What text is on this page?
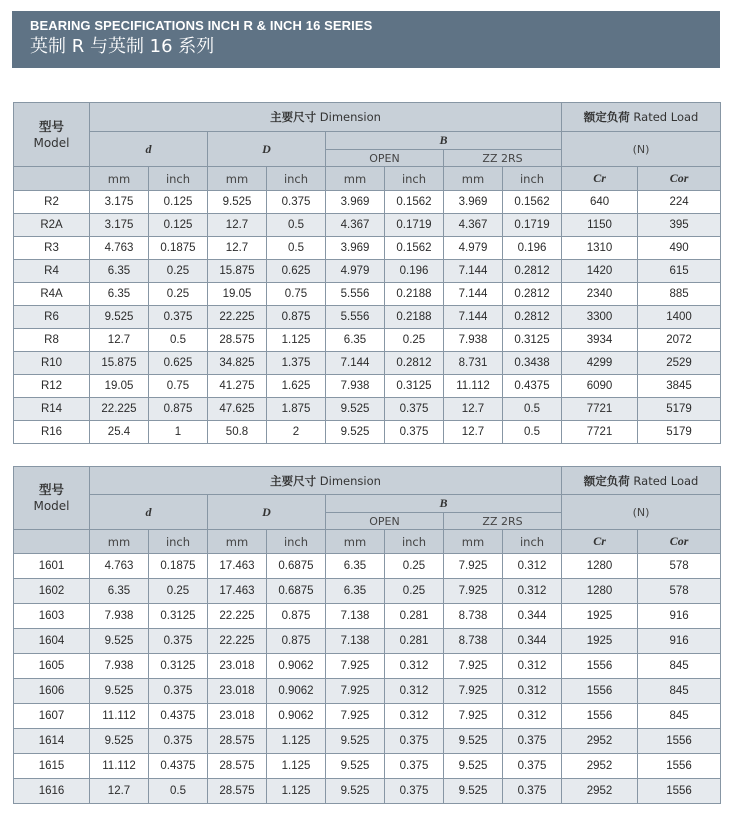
BEARING SPECIFICATIONS INCH R & INCH 16 SERIES
英制 R 与英制 16 系列
型号
Model	主要尺寸 Dimension								额定负荷 Rated Load	
	d		D		B				(N)	
					OPEN		ZZ 2RS			
	mm	inch	mm	inch	mm	inch	mm	inch	Cr	Cor
R2	3.175	0.125	9.525	0.375	3.969	0.1562	3.969	0.1562	640	224
R2A	3.175	0.125	12.7	0.5	4.367	0.1719	4.367	0.1719	1150	395
R3	4.763	0.1875	12.7	0.5	3.969	0.1562	4.979	0.196	1310	490
R4	6.35	0.25	15.875	0.625	4.979	0.196	7.144	0.2812	1420	615
R4A	6.35	0.25	19.05	0.75	5.556	0.2188	7.144	0.2812	2340	885
R6	9.525	0.375	22.225	0.875	5.556	0.2188	7.144	0.2812	3300	1400
R8	12.7	0.5	28.575	1.125	6.35	0.25	7.938	0.3125	3934	2072
R10	15.875	0.625	34.825	1.375	7.144	0.2812	8.731	0.3438	4299	2529
R12	19.05	0.75	41.275	1.625	7.938	0.3125	11.112	0.4375	6090	3845
R14	22.225	0.875	47.625	1.875	9.525	0.375	12.7	0.5	7721	5179
R16	25.4	1	50.8	2	9.525	0.375	12.7	0.5	7721	5179
型号
Model	主要尺寸 Dimension								额定负荷 Rated Load	
	d		D		B				(N)	
					OPEN		ZZ 2RS			
	mm	inch	mm	inch	mm	inch	mm	inch	Cr	Cor
1601	4.763	0.1875	17.463	0.6875	6.35	0.25	7.925	0.312	1280	578
1602	6.35	0.25	17.463	0.6875	6.35	0.25	7.925	0.312	1280	578
1603	7.938	0.3125	22.225	0.875	7.138	0.281	8.738	0.344	1925	916
1604	9.525	0.375	22.225	0.875	7.138	0.281	8.738	0.344	1925	916
1605	7.938	0.3125	23.018	0.9062	7.925	0.312	7.925	0.312	1556	845
1606	9.525	0.375	23.018	0.9062	7.925	0.312	7.925	0.312	1556	845
1607	11.112	0.4375	23.018	0.9062	7.925	0.312	7.925	0.312	1556	845
1614	9.525	0.375	28.575	1.125	9.525	0.375	9.525	0.375	2952	1556
1615	11.112	0.4375	28.575	1.125	9.525	0.375	9.525	0.375	2952	1556
1616	12.7	0.5	28.575	1.125	9.525	0.375	9.525	0.375	2952	1556
